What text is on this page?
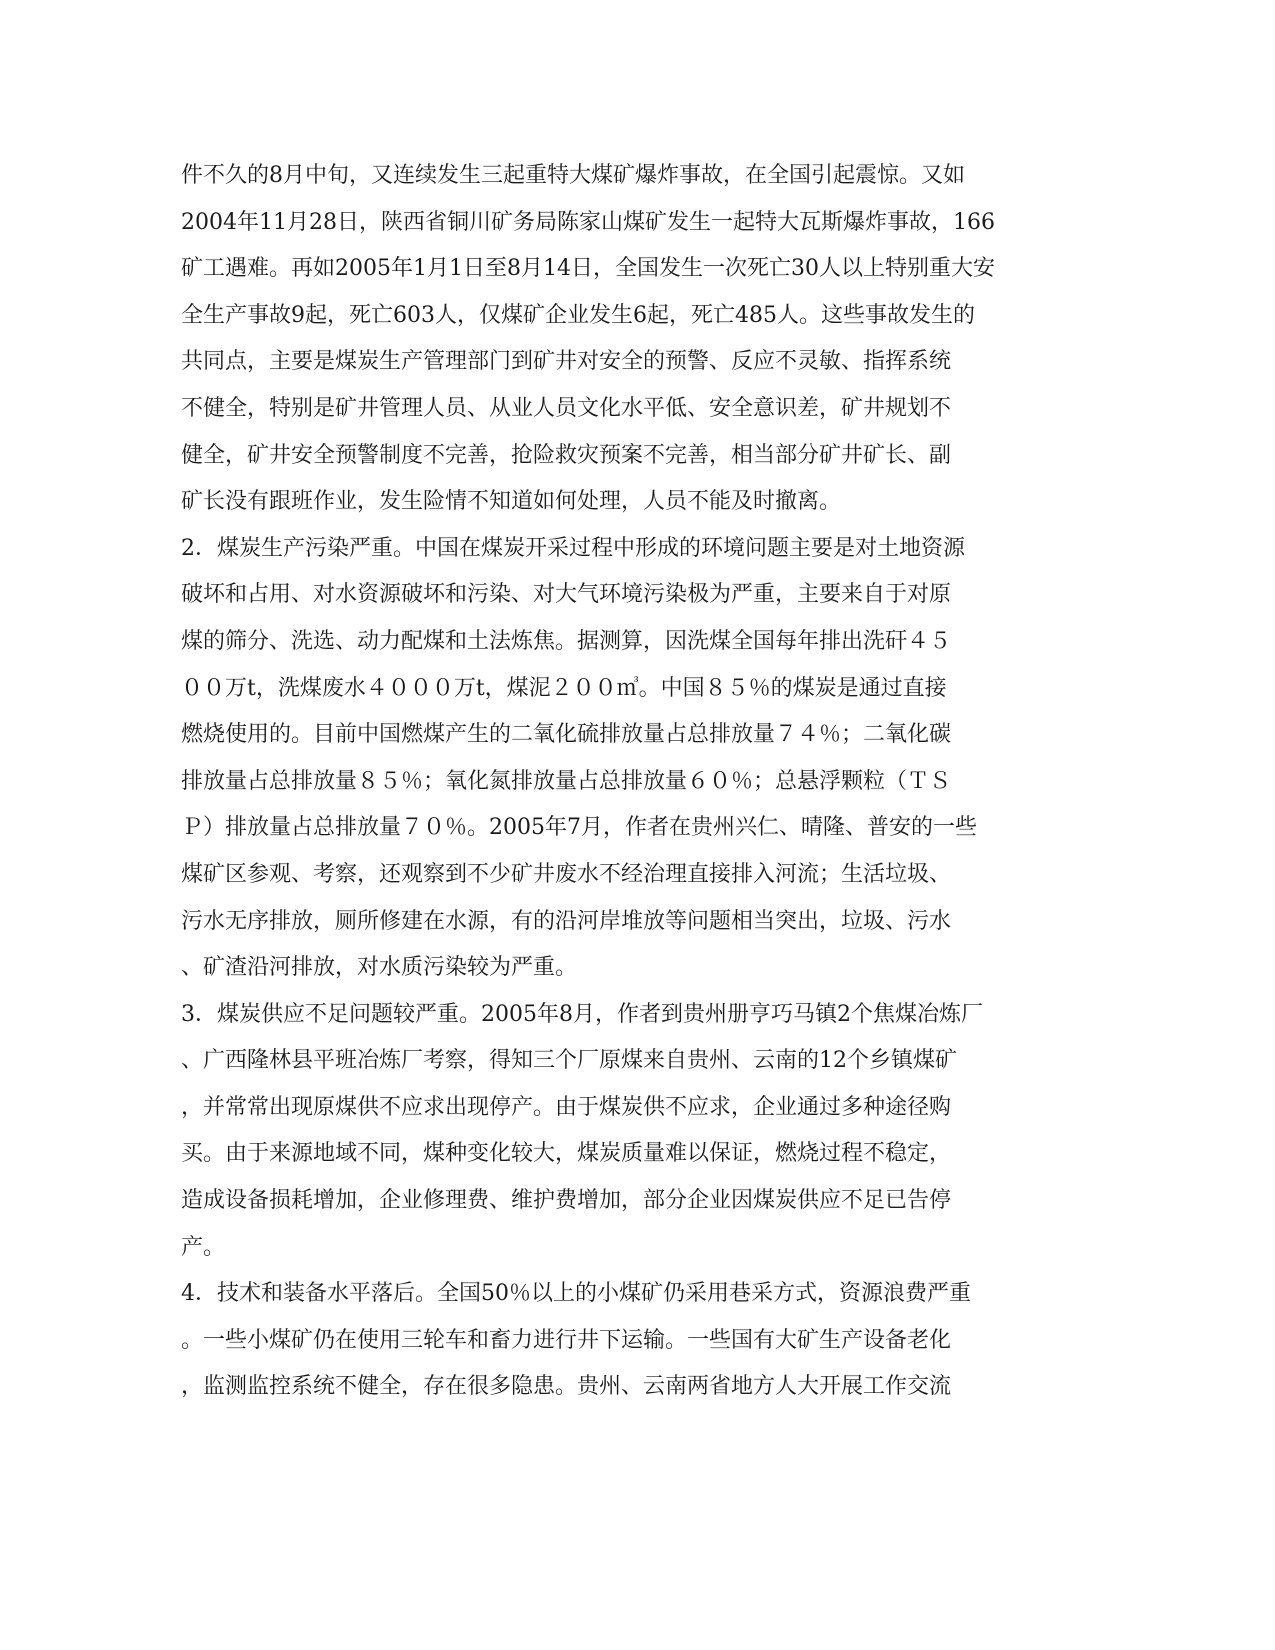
件不久的8月中旬，又连续发生三起重特大煤矿爆炸事故，在全国引起震惊。又如
2004年11月28日，陕西省铜川矿务局陈家山煤矿发生一起特大瓦斯爆炸事故，166
矿工遇难。再如2005年1月1日至8月14日，全国发生一次死亡30人以上特别重大安
全生产事故9起，死亡603人，仅煤矿企业发生6起，死亡485人。这些事故发生的
共同点，主要是煤炭生产管理部门到矿井对安全的预警、反应不灵敏、指挥系统
不健全，特别是矿井管理人员、从业人员文化水平低、安全意识差，矿井规划不
健全，矿井安全预警制度不完善，抢险救灾预案不完善，相当部分矿井矿长、副
矿长没有跟班作业，发生险情不知道如何处理，人员不能及时撤离。
2．煤炭生产污染严重。中国在煤炭开采过程中形成的环境问题主要是对土地资源
破坏和占用、对水资源破坏和污染、对大气环境污染极为严重，主要来自于对原
煤的筛分、洗选、动力配煤和土法炼焦。据测算，因洗煤全国每年排出洗矸４５
００万t，洗煤废水４０００万t，煤泥２００㎥。中国８５％的煤炭是通过直接
燃烧使用的。目前中国燃煤产生的二氧化硫排放量占总排放量７４％；二氧化碳
排放量占总排放量８５％；氧化氮排放量占总排放量６０％；总悬浮颗粒（ＴＳ
Ｐ）排放量占总排放量７０％。2005年7月，作者在贵州兴仁、晴隆、普安的一些
煤矿区参观、考察，还观察到不少矿井废水不经治理直接排入河流；生活垃圾、
污水无序排放，厕所修建在水源，有的沿河岸堆放等问题相当突出，垃圾、污水
、矿渣沿河排放，对水质污染较为严重。
3．煤炭供应不足问题较严重。2005年8月，作者到贵州册亨巧马镇2个焦煤冶炼厂
、广西隆林县平班冶炼厂考察，得知三个厂原煤来自贵州、云南的12个乡镇煤矿
，并常常出现原煤供不应求出现停产。由于煤炭供不应求，企业通过多种途径购
买。由于来源地域不同，煤种变化较大，煤炭质量难以保证，燃烧过程不稳定，
造成设备损耗增加，企业修理费、维护费增加，部分企业因煤炭供应不足已告停
产。
4．技术和装备水平落后。全国50％以上的小煤矿仍采用巷采方式，资源浪费严重
。一些小煤矿仍在使用三轮车和畜力进行井下运输。一些国有大矿生产设备老化
，监测监控系统不健全，存在很多隐患。贵州、云南两省地方人大开展工作交流
